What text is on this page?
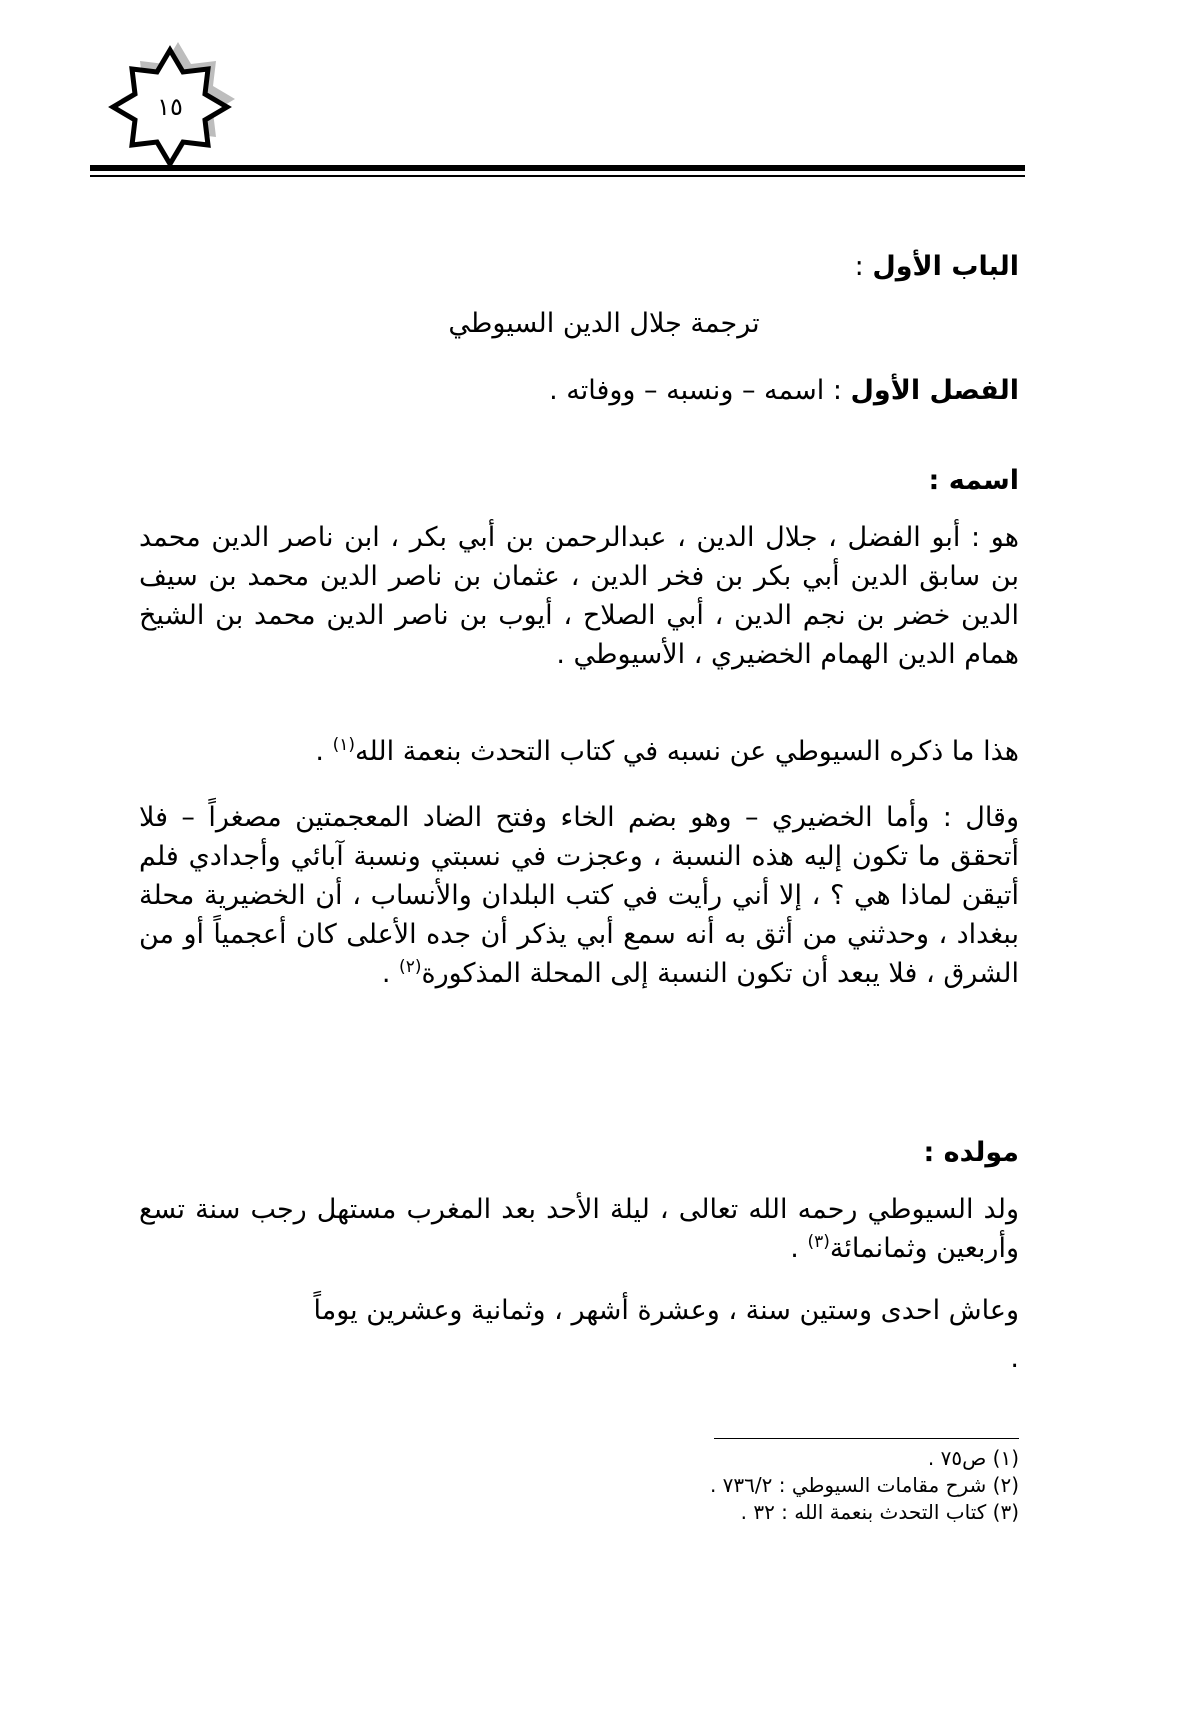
١٥
الباب الأول :
ترجمة جلال الدين السيوطي
الفصل الأول : اسمه – ونسبه – ووفاته .
اسمه :
هو : أبو الفضل ، جلال الدين ، عبدالرحمن بن أبي بكر ، ابن ناصر الدين محمد بن سابق الدين أبي بكر بن فخر الدين ، عثمان بن ناصر الدين محمد بن سيف الدين خضر بن نجم الدين ، أبي الصلاح ، أيوب بن ناصر الدين محمد بن الشيخ همام الدين الهمام الخضيري ، الأسيوطي .
هذا ما ذكره السيوطي عن نسبه في كتاب التحدث بنعمة الله$^{(١)}$ .
وقال : وأما الخضيري – وهو بضم الخاء وفتح الضاد المعجمتين مصغراً – فلا أتحقق ما تكون إليه هذه النسبة ، وعجزت في نسبتي ونسبة آبائي وأجدادي فلم أتيقن لماذا هي ؟ ، إلا أني رأيت في كتب البلدان والأنساب ، أن الخضيرية محلة ببغداد ، وحدثني من أثق به أنه سمع أبي يذكر أن جده الأعلى كان أعجمياً أو من الشرق ، فلا يبعد أن تكون النسبة إلى المحلة المذكورة$^{(٢)}$ .
مولده :
ولد السيوطي رحمه الله تعالى ، ليلة الأحد بعد المغرب مستهل رجب سنة تسع وأربعين وثمانمائة$^{(٣)}$ .
وعاش احدى وستين سنة ، وعشرة أشهر ، وثمانية وعشرين يوماً
.
(١) ص٧٥ .
(٢) شرح مقامات السيوطي : ٧٣٦/٢ .
(٣) كتاب التحدث بنعمة الله : ٣٢ .
